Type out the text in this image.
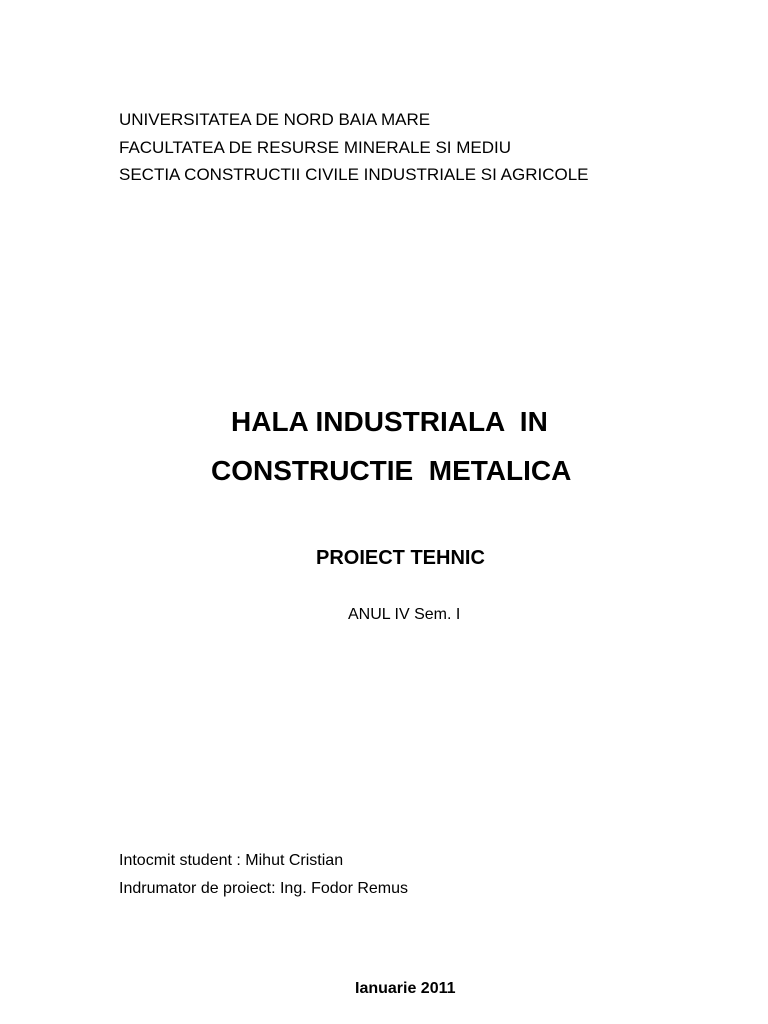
UNIVERSITATEA DE NORD BAIA MARE
FACULTATEA DE RESURSE MINERALE SI MEDIU
SECTIA CONSTRUCTII CIVILE INDUSTRIALE SI AGRICOLE
HALA INDUSTRIALA  IN
CONSTRUCTIE  METALICA
PROIECT TEHNIC
ANUL IV Sem. I
Intocmit student : Mihut Cristian
Indrumator de proiect: Ing. Fodor Remus
Ianuarie 2011
